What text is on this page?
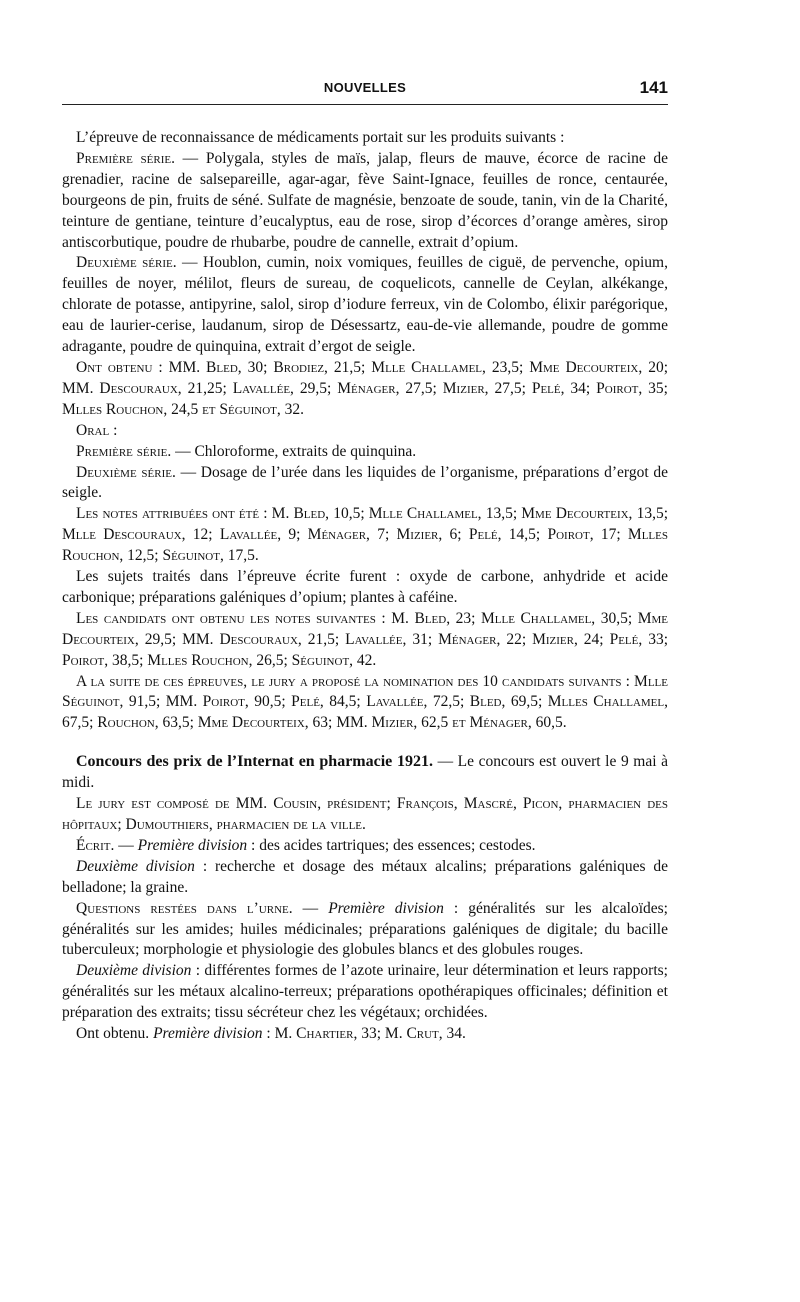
NOUVELLES	141

L’épreuve de reconnaissance de médicaments portait sur les produits suivants :

Première série. — Polygala, styles de maïs, jalap, fleurs de mauve, écorce de racine de grenadier, racine de salsepareille, agar-agar, fève Saint-Ignace, feuilles de ronce, centaurée, bourgeons de pin, fruits de séné. Sulfate de magnésie, benzoate de soude, tanin, vin de la Charité, teinture de gentiane, teinture d’eucalyptus, eau de rose, sirop d’écorces d’orange amères, sirop antiscorbutique, poudre de rhubarbe, poudre de cannelle, extrait d’opium.

Deuxième série. — Houblon, cumin, noix vomiques, feuilles de ciguë, de pervenche, opium, feuilles de noyer, mélilot, fleurs de sureau, de coquelicots, cannelle de Ceylan, alkékange, chlorate de potasse, antipyrine, salol, sirop d’iodure ferreux, vin de Colombo, élixir parégorique, eau de laurier-cerise, laudanum, sirop de Désessartz, eau-de-vie allemande, poudre de gomme adragante, poudre de quinquina, extrait d’ergot de seigle.

Ont obtenu : MM. Bled, 30; Brodiez, 21,5; Mlle Challamel, 23,5; Mme Decourteix, 20; MM. Descouraux, 21,25; Lavallée, 29,5; Ménager, 27,5; Mizier, 27,5; Pelé, 34; Poirot, 35; Mlles Rouchon, 24,5 et Séguinot, 32.

Oral :

Première série. — Chloroforme, extraits de quinquina.

Deuxième série. — Dosage de l’urée dans les liquides de l’organisme, préparations d’ergot de seigle.

Les notes attribuées ont été : M. Bled, 10,5; Mlle Challamel, 13,5; Mme Decourteix, 13,5; Mlle Descouraux, 12; Lavallée, 9; Ménager, 7; Mizier, 6; Pelé, 14,5; Poirot, 17; Mlles Rouchon, 12,5; Séguinot, 17,5.

Les sujets traités dans l’épreuve écrite furent : oxyde de carbone, anhydride et acide carbonique; préparations galéniques d’opium; plantes à caféine.

Les candidats ont obtenu les notes suivantes : M. Bled, 23; Mlle Challamel, 30,5; Mme Decourteix, 29,5; MM. Descouraux, 21,5; Lavallée, 31; Ménager, 22; Mizier, 24; Pelé, 33; Poirot, 38,5; Mlles Rouchon, 26,5; Séguinot, 42.

A la suite de ces épreuves, le jury a proposé la nomination des 10 candidats suivants : Mlle Séguinot, 91,5; MM. Poirot, 90,5; Pelé, 84,5; Lavallée, 72,5; Bled, 69,5; Mlles Challamel, 67,5; Rouchon, 63,5; Mme Decourteix, 63; MM. Mizier, 62,5 et Ménager, 60,5.

Concours des prix de l’Internat en pharmacie 1921. — Le concours est ouvert le 9 mai à midi.

Le jury est composé de MM. Cousin, président; François, Mascré, Picon, pharmacien des hôpitaux; Dumouthiers, pharmacien de la ville.

Écrit. — Première division : des acides tartriques; des essences; cestodes.

Deuxième division : recherche et dosage des métaux alcalins; préparations galéniques de belladone; la graine.

Questions restées dans l’urne. — Première division : généralités sur les alcaloïdes; généralités sur les amides; huiles médicinales; préparations galéniques de digitale; du bacille tuberculeux; morphologie et physiologie des globules blancs et des globules rouges.

Deuxième division : différentes formes de l’azote urinaire, leur détermination et leurs rapports; généralités sur les métaux alcalino-terreux; préparations opothérapiques officinales; définition et préparation des extraits; tissu sécréteur chez les végétaux; orchidées.

Ont obtenu. Première division : M. Chartier, 33; M. Crut, 34.
